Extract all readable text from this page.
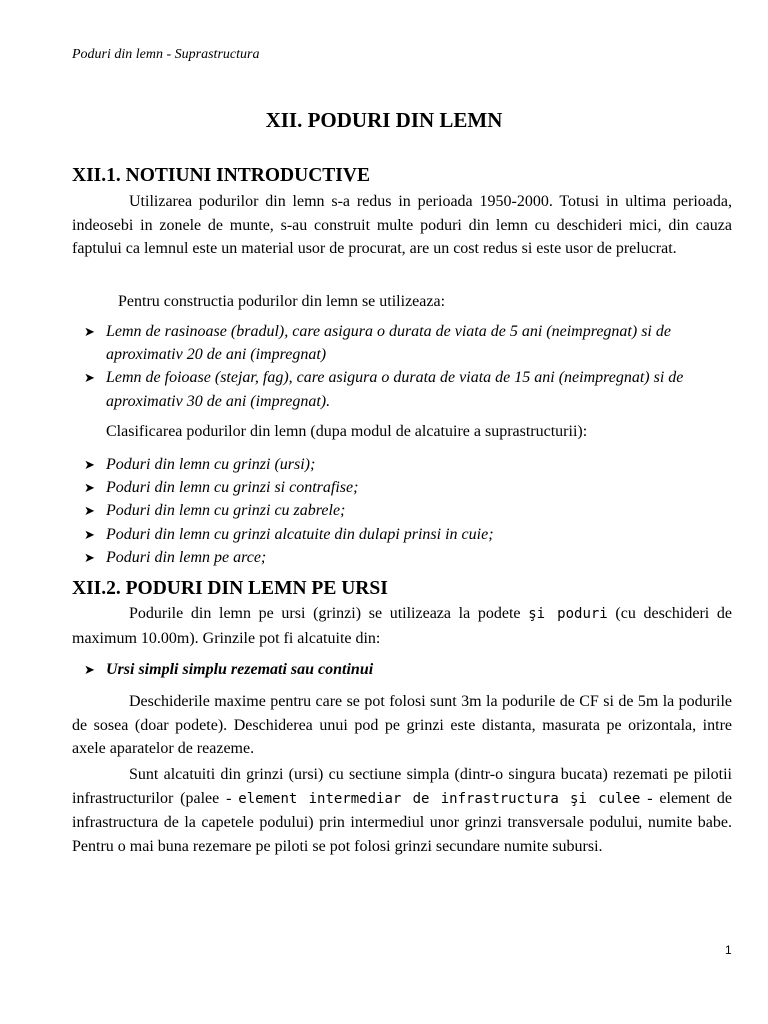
Poduri din lemn - Suprastructura
XII. PODURI DIN LEMN
XII.1. NOTIUNI INTRODUCTIVE

Utilizarea podurilor din lemn s-a redus in perioada 1950-2000. Totusi in ultima perioada, indeosebi in zonele de munte, s-au construit multe poduri din lemn cu deschideri mici, din cauza faptului ca lemnul este un material usor de procurat, are un cost redus si este usor de prelucrat.

Pentru constructia podurilor din lemn se utilizeaza:

➤ Lemn de rasinoase (bradul), care asigura o durata de viata de 5 ani (neimpregnat) si de aproximativ 20 de ani (impregnat)
➤ Lemn de foioase (stejar, fag), care asigura o durata de viata de 15 ani (neimpregnat) si de aproximativ 30 de ani (impregnat).

Clasificarea podurilor din lemn (dupa modul de alcatuire a suprastructurii):

➤ Poduri din lemn cu grinzi (ursi);
➤ Poduri din lemn cu grinzi si contrafise;
➤ Poduri din lemn cu grinzi cu zabrele;
➤ Poduri din lemn cu grinzi alcatuite din dulapi prinsi in cuie;
➤ Poduri din lemn pe arce;
XII.2. PODURI DIN LEMN PE URSI

Podurile din lemn pe ursi (grinzi) se utilizeaza la podete şi poduri (cu deschideri de maximum 10.00m). Grinzile pot fi alcatuite din:

➤ Ursi simpli simplu rezemati sau continui

Deschiderile maxime pentru care se pot folosi sunt 3m la podurile de CF si de 5m la podurile de sosea (doar podete). Deschiderea unui pod pe grinzi este distanta, masurata pe orizontala, intre axele aparatelor de reazeme.

Sunt alcatuiti din grinzi (ursi) cu sectiune simpla (dintr-o singura bucata) rezemati pe pilotii infrastructurilor (palee - element intermediar de infrastructura şi culee - element de infrastructura de la capetele podului) prin intermediul unor grinzi transversale podului, numite babe. Pentru o mai buna rezemare pe piloti se pot folosi grinzi secundare numite subursi.

1
